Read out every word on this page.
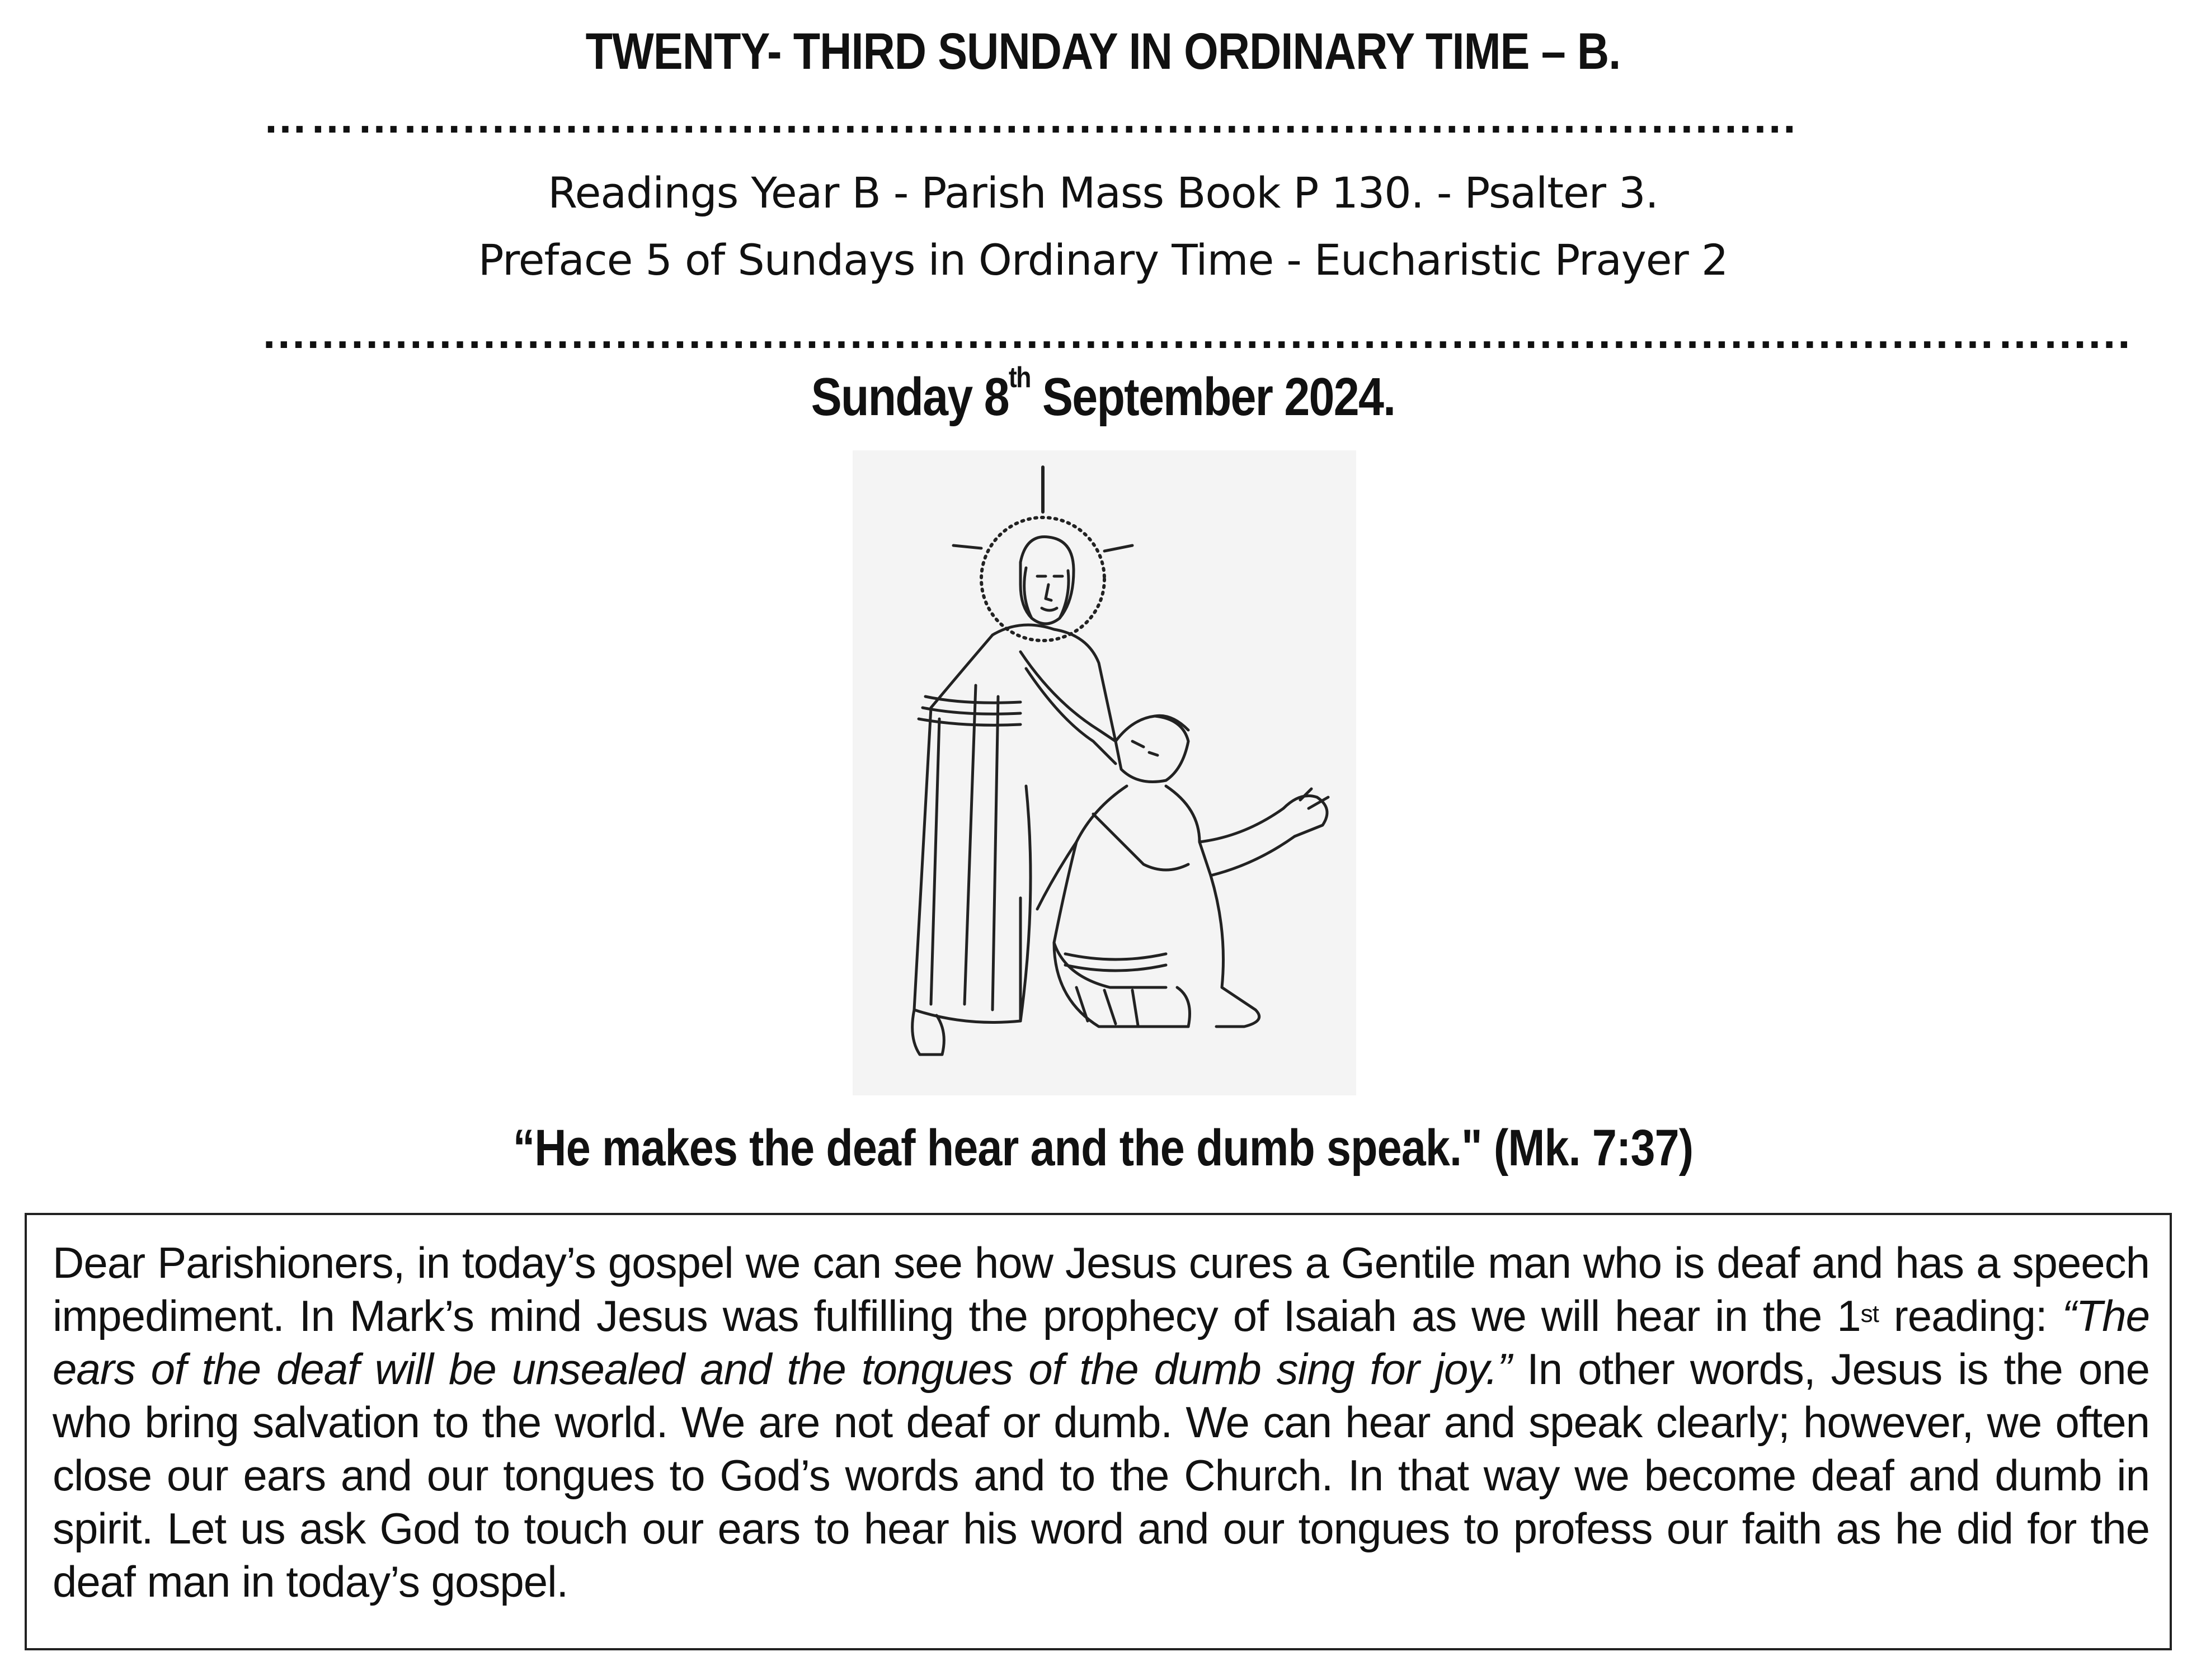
TWENTY- THIRD SUNDAY IN ORDINARY TIME – B.
………...............................................................................................
Readings Year B - Parish Mass Book P 130. - Psalter 3.
Preface 5 of Sundays in Ordinary Time - Eucharistic Prayer 2
...................................................................................................................……......
Sunday 8th September 2024.
“He makes the deaf hear and the dumb speak." (Mk. 7:37)

Dear Parishioners, in today’s gospel we can see how Jesus cures a Gentile man who is deaf and has a speech impediment. In Mark’s mind Jesus was fulfilling the prophecy of Isaiah as we will hear in the 1st reading: “The ears of the deaf will be unsealed and the tongues of the dumb sing for joy.” In other words, Jesus is the one who bring salvation to the world. We are not deaf or dumb. We can hear and speak clearly; however, we often close our ears and our tongues to God’s words and to the Church. In that way we become deaf and dumb in spirit. Let us ask God to touch our ears to hear his word and our tongues to profess our faith as he did for the deaf man in today’s gospel.
